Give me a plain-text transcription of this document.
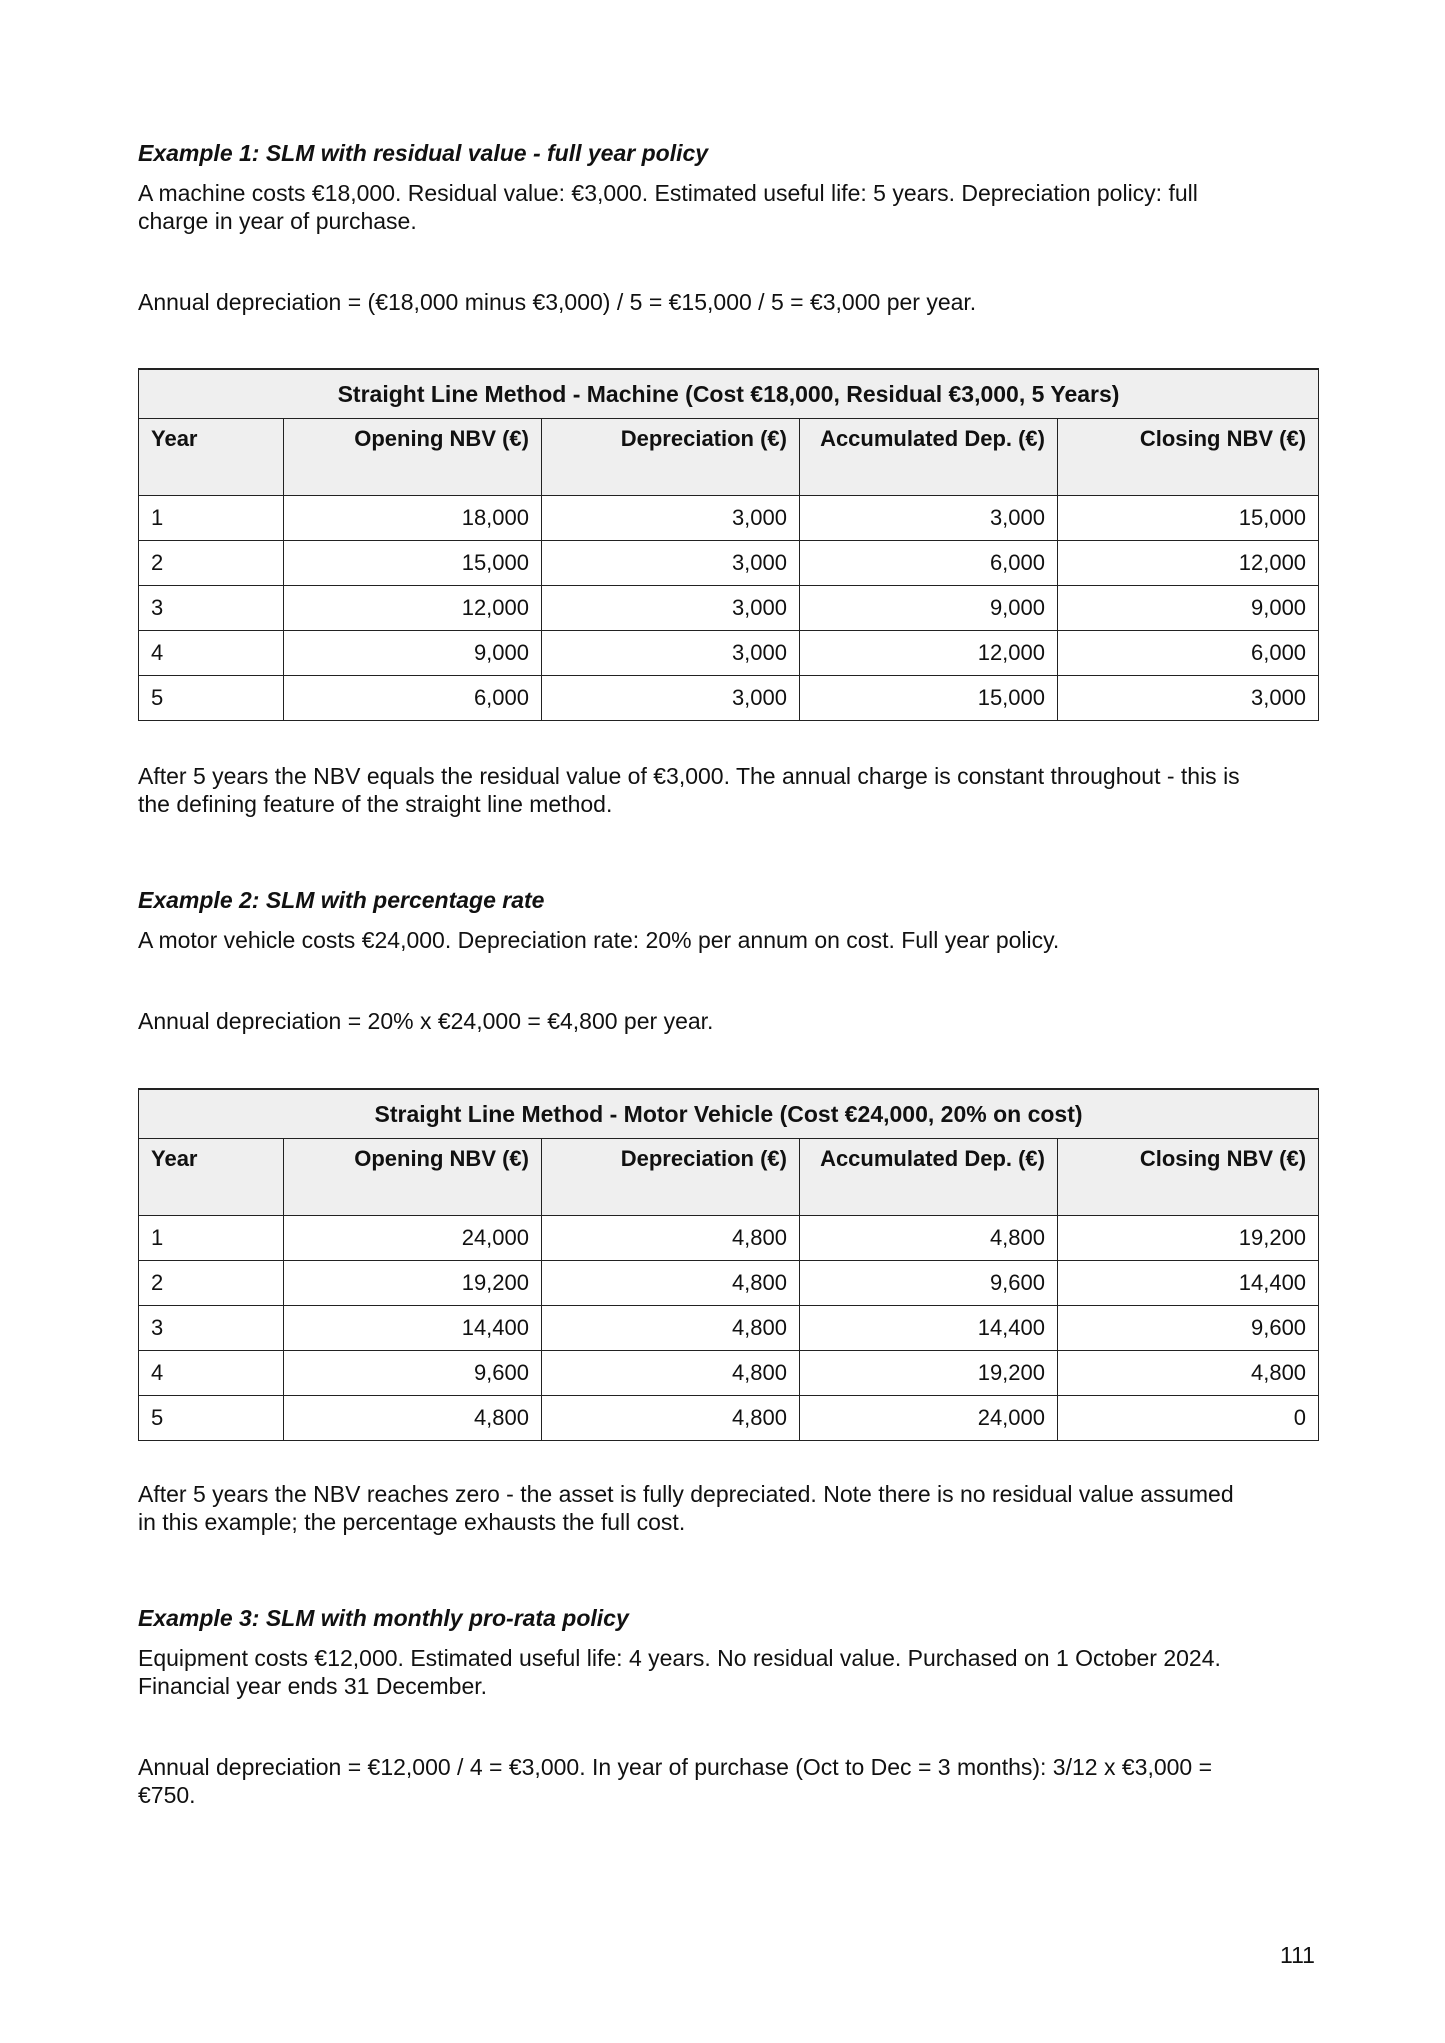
Example 1: SLM with residual value - full year policy

A machine costs €18,000. Residual value: €3,000. Estimated useful life: 5 years. Depreciation policy: full
charge in year of purchase.

Annual depreciation = (€18,000 minus €3,000) / 5 = €15,000 / 5 = €3,000 per year.

Straight Line Method - Machine (Cost €18,000, Residual €3,000, 5 Years)				
Year	Opening NBV (€)	Depreciation (€)	Accumulated Dep. (€)	Closing NBV (€)
1	18,000	3,000	3,000	15,000
2	15,000	3,000	6,000	12,000
3	12,000	3,000	9,000	9,000
4	9,000	3,000	12,000	6,000
5	6,000	3,000	15,000	3,000

After 5 years the NBV equals the residual value of €3,000. The annual charge is constant throughout - this is
the defining feature of the straight line method.

Example 2: SLM with percentage rate

A motor vehicle costs €24,000. Depreciation rate: 20% per annum on cost. Full year policy.

Annual depreciation = 20% x €24,000 = €4,800 per year.

Straight Line Method - Motor Vehicle (Cost €24,000, 20% on cost)				
Year	Opening NBV (€)	Depreciation (€)	Accumulated Dep. (€)	Closing NBV (€)
1	24,000	4,800	4,800	19,200
2	19,200	4,800	9,600	14,400
3	14,400	4,800	14,400	9,600
4	9,600	4,800	19,200	4,800
5	4,800	4,800	24,000	0

After 5 years the NBV reaches zero - the asset is fully depreciated. Note there is no residual value assumed
in this example; the percentage exhausts the full cost.

Example 3: SLM with monthly pro-rata policy

Equipment costs €12,000. Estimated useful life: 4 years. No residual value. Purchased on 1 October 2024.
Financial year ends 31 December.

Annual depreciation = €12,000 / 4 = €3,000. In year of purchase (Oct to Dec = 3 months): 3/12 x €3,000 =
€750.

111
